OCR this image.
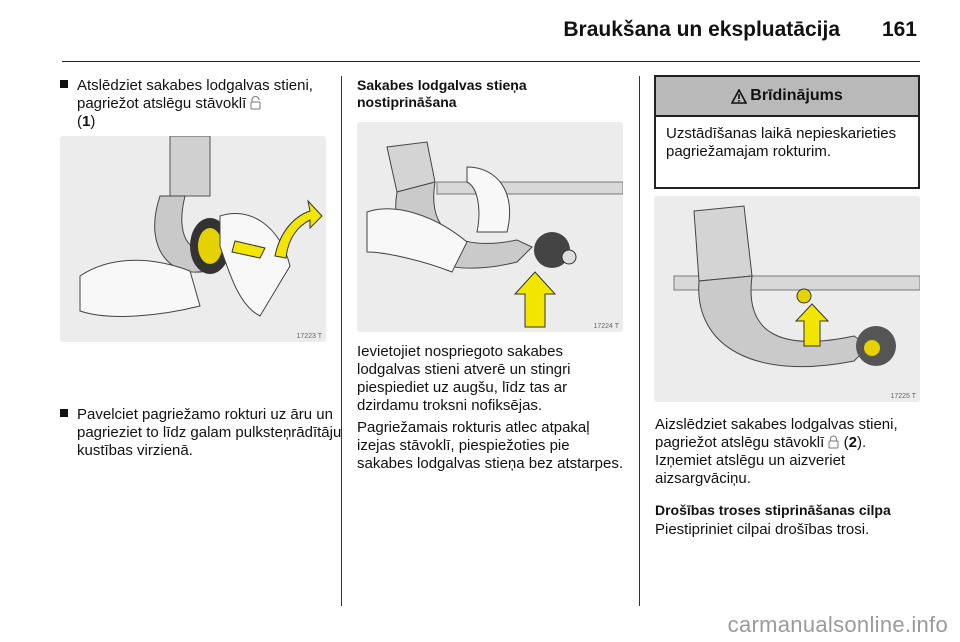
Braukšana un ekspluatācija 161
Atslēdziet sakabes lodgalvas stieni, pagriežot atslēgu stāvoklī
(1)
17223 T
Pavelciet pagriežamo rokturi uz āru un pagrieziet to līdz galam pulksteņrādītāju kustības virzienā.
Sakabes lodgalvas stieņa nostiprināšana
17224 T
Ievietojiet nospriegoto sakabes lodgalvas stieni atverē un stingri piespiediet uz augšu, līdz tas ar dzirdamu troksni nofiksējas.
Pagriežamais rokturis atlec atpakaļ izejas stāvoklī, piespiežoties pie sakabes lodgalvas stieņa bez atstarpes.
Brīdinājums
Uzstādīšanas laikā nepieskarieties pagriežamajam rokturim.
17225 T
Aizslēdziet sakabes lodgalvas stieni, pagriežot atslēgu stāvoklī  (2).
Izņemiet atslēgu un aizveriet aizsargvāciņu.
Drošības troses stiprināšanas cilpa
Piestipriniet cilpai drošības trosi.
carmanualsonline.info
